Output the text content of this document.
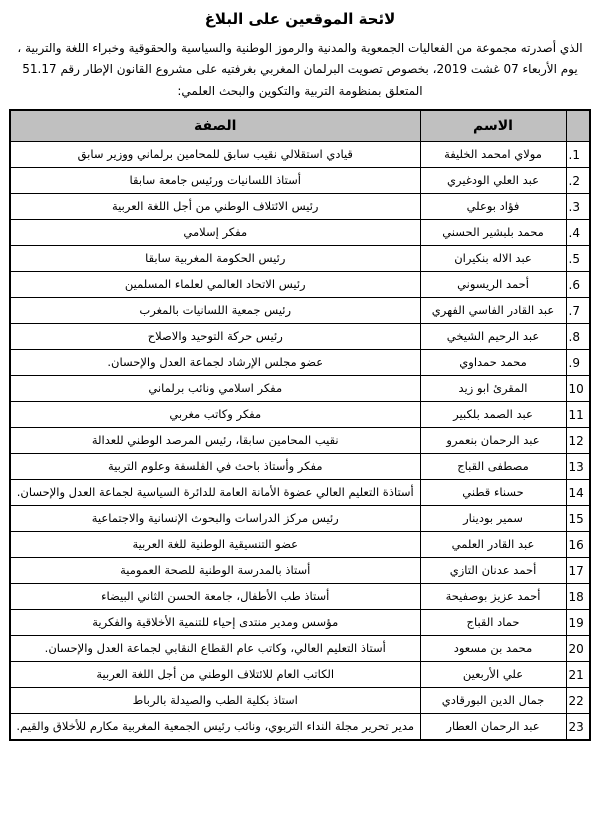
لائحة الموقعين على البلاغ
الذي أصدرته مجموعة من الفعاليات الجمعوية والمدنية والرموز الوطنية والسياسية والحقوقية وخبراء اللغة والتربية ، يوم الأربعاء 07 غشت 2019، بخصوص تصويت البرلمان المغربي بغرفتيه على مشروع القانون الإطار رقم 51.17 المتعلق بمنظومة التربية والتكوين والبحث العلمي:
	الاسم	الصفة
1.	مولاي امحمد الخليفة	قيادي استقلالي نقيب سابق للمحامين برلماني ووزير سابق
2.	عبد العلي الودغيري	أستاذ اللسانيات ورئيس جامعة سابقا
3.	فؤاد بوعلي	رئيس الائتلاف الوطني من أجل اللغة العربية
4.	محمد بلبشير الحسني	مفكر إسلامي
5.	عبد الاله بنكيران	رئيس الحكومة المغربية سابقا
6.	أحمد الريسوني	رئيس الاتحاد العالمي لعلماء المسلمين
7.	عبد القادر الفاسي الفهري	رئيس جمعية اللسانيات بالمغرب
8.	عبد الرحيم الشيخي	رئيس حركة التوحيد والاصلاح
9.	محمد حمداوي	عضو مجلس الإرشاد لجماعة العدل والإحسان.
10	المقرئ ابو زيد	مفكر اسلامي ونائب برلماني
11	عبد الصمد بلكبير	مفكر وكاتب مغربي
12	عبد الرحمان بنعمرو	نقيب المحامين سابقا، رئيس المرصد الوطني للعدالة
13	مصطفى القباج	مفكر وأستاذ باحث في الفلسفة وعلوم التربية
14	حسناء قطني	أستاذة التعليم العالي عضوة الأمانة العامة للدائرة السياسية لجماعة العدل والإحسان.
15	سمير بودينار	رئيس مركز الدراسات والبحوث الإنسانية والاجتماعية
16	عبد القادر العلمي	عضو التنسيقية الوطنية للغة العربية
17	أحمد عدنان التازي	أستاذ بالمدرسة الوطنية للصحة العمومية
18	أحمد عزيز بوصفيحة	أستاذ طب الأطفال، جامعة الحسن الثاني البيضاء
19	حماد القباج	مؤسس ومدير منتدى إحياء للتنمية الأخلاقية والفكرية
20	محمد بن مسعود	أستاذ التعليم العالي، وكاتب عام القطاع النقابي لجماعة العدل والإحسان.
21	علي الأربعين	الكاتب العام للائتلاف الوطني من أجل اللغة العربية
22	جمال الدين البورقادي	استاذ بكلية الطب والصيدلة بالرباط
23	عبد الرحمان العطار	مدير تحرير مجلة النداء التربوي، ونائب رئيس الجمعية المغربية مكارم للأخلاق والقيم.
